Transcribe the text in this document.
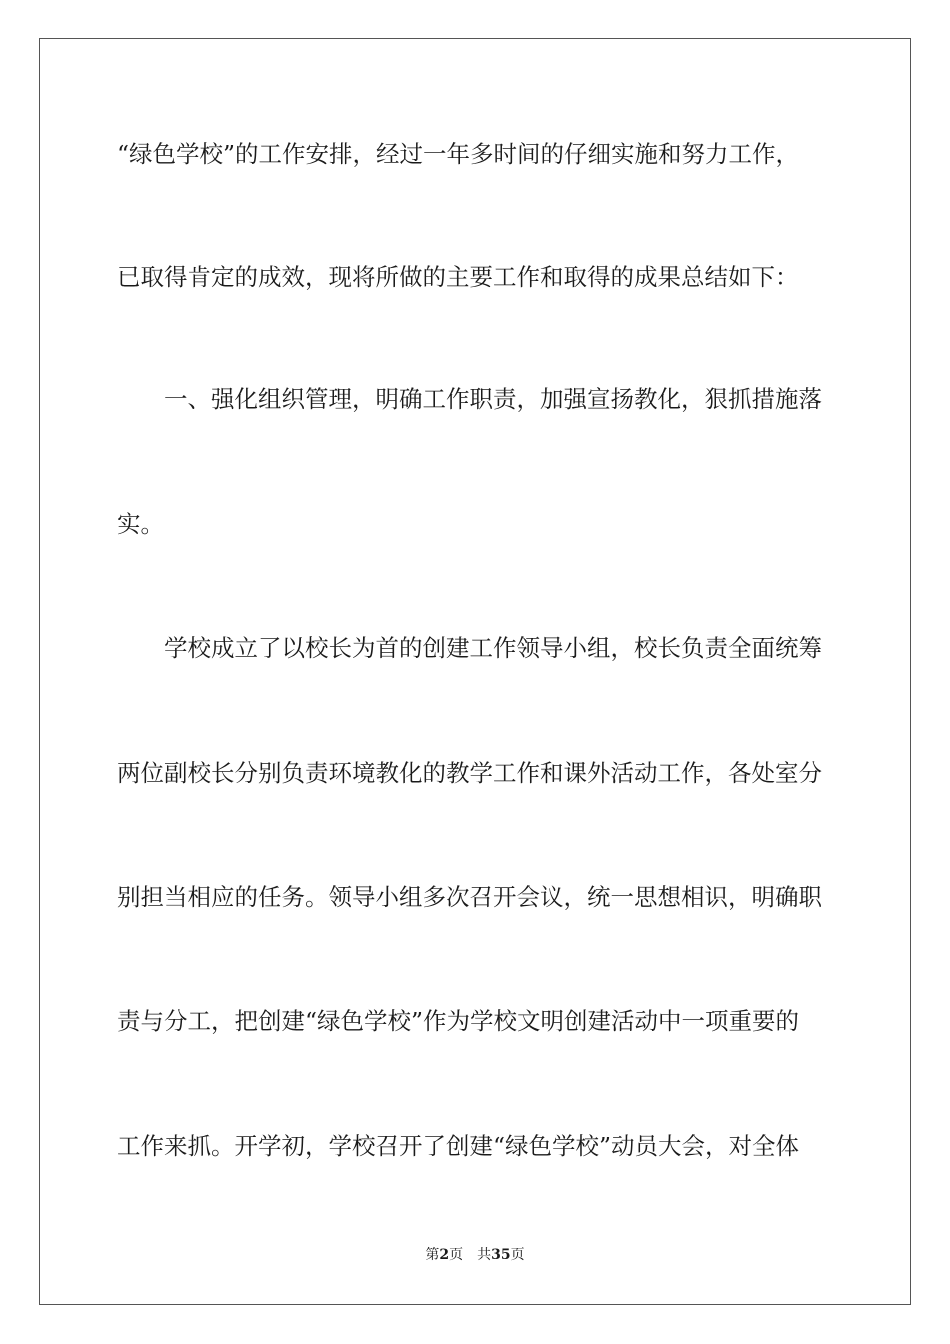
“绿色学校”的工作安排，经过一年多时间的仔细实施和努力工作，
已取得肯定的成效，现将所做的主要工作和取得的成果总结如下：
一、强化组织管理，明确工作职责，加强宣扬教化，狠抓措施落
实。
学校成立了以校长为首的创建工作领导小组，校长负责全面统筹
两位副校长分别负责环境教化的教学工作和课外活动工作，各处室分
别担当相应的任务。领导小组多次召开会议，统一思想相识，明确职
责与分工，把创建“绿色学校”作为学校文明创建活动中一项重要的
工作来抓。开学初，学校召开了创建“绿色学校”动员大会，对全体
第2页 共35页
